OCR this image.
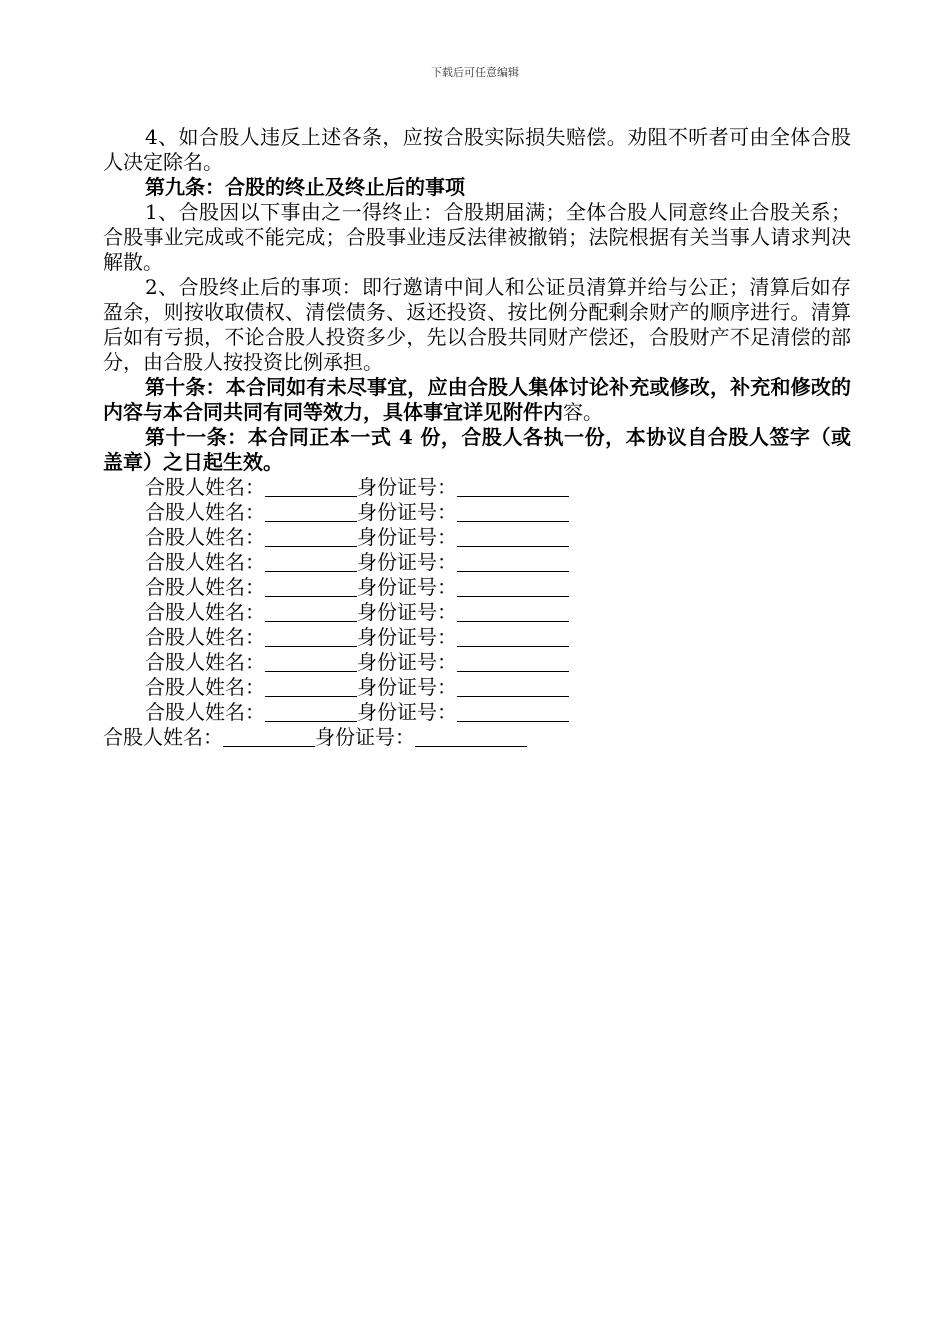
下载后可任意编辑

4、如合股人违反上述各条，应按合股实际损失赔偿。劝阻不听者可由全体合股人决定除名。

第九条：合股的终止及终止后的事项

1、合股因以下事由之一得终止：合股期届满；全体合股人同意终止合股关系；合股事业完成或不能完成；合股事业违反法律被撤销；法院根据有关当事人请求判决解散。

2、合股终止后的事项：即行邀请中间人和公证员清算并给与公正；清算后如存盈余，则按收取债权、清偿债务、返还投资、按比例分配剩余财产的顺序进行。清算后如有亏损，不论合股人投资多少，先以合股共同财产偿还，合股财产不足清偿的部分，由合股人按投资比例承担。

第十条：本合同如有未尽事宜，应由合股人集体讨论补充或修改，补充和修改的内容与本合同共同有同等效力，具体事宜详见附件内容。

第十一条：本合同正本一式 4 份，合股人各执一份，本协议自合股人签字（或盖章）之日起生效。

合股人姓名：	身份证号：

合股人姓名：	身份证号：

合股人姓名：	身份证号：

合股人姓名：	身份证号：

合股人姓名：	身份证号：

合股人姓名：	身份证号：

合股人姓名：	身份证号：

合股人姓名：	身份证号：

合股人姓名：	身份证号：

合股人姓名：	身份证号：

合股人姓名：	身份证号：
